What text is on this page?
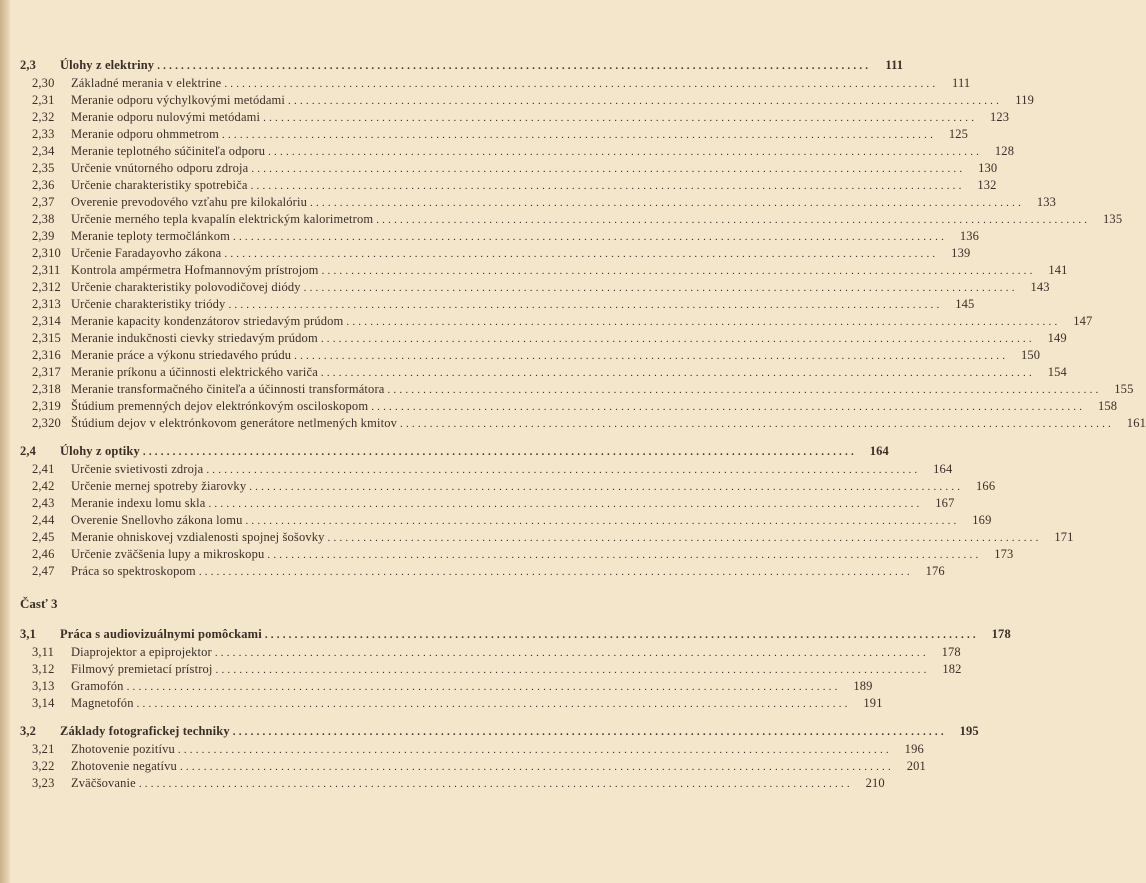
2,3	Úlohy z elektriny ........................................................................................................................	111
2,30	Základné merania v elektrine ........................................................................................................................	111
2,31	Meranie odporu výchylkovými metódami ........................................................................................................................	119
2,32	Meranie odporu nulovými metódami ........................................................................................................................	123
2,33	Meranie odporu ohmmetrom ........................................................................................................................	125
2,34	Meranie teplotného súčiniteľa odporu ........................................................................................................................	128
2,35	Určenie vnútorného odporu zdroja ........................................................................................................................	130
2,36	Určenie charakteristiky spotrebiča ........................................................................................................................	132
2,37	Overenie prevodového vzťahu pre kilokalóriu ........................................................................................................................	133
2,38	Určenie merného tepla kvapalín elektrickým kalorimetrom ........................................................................................................................	135
2,39	Meranie teploty termočlánkom ........................................................................................................................	136
2,310 Určenie Faradayovho zákona ........................................................................................................................	139
2,311 Kontrola ampérmetra Hofmannovým prístrojom ........................................................................................................................	141
2,312 Určenie charakteristiky polovodičovej diódy ........................................................................................................................	143
2,313 Určenie charakteristiky triódy ........................................................................................................................	145
2,314 Meranie kapacity kondenzátorov striedavým prúdom ........................................................................................................................	147
2,315 Meranie indukčnosti cievky striedavým prúdom ........................................................................................................................	149
2,316 Meranie práce a výkonu striedavého prúdu ........................................................................................................................	150
2,317 Meranie príkonu a účinnosti elektrického variča ........................................................................................................................	154
2,318 Meranie transformačného činiteľa a účinnosti transformátora ........................................................................................................................	155
2,319 Štúdium premenných dejov elektrónkovým osciloskopom ........................................................................................................................	158
2,320 Štúdium dejov v elektrónkovom generátore netlmených kmitov ........................................................................................................................	161
2,4	Úlohy z optiky ........................................................................................................................	164
2,41	Určenie svietivosti zdroja ........................................................................................................................	164
2,42	Určenie mernej spotreby žiarovky ........................................................................................................................	166
2,43	Meranie indexu lomu skla ........................................................................................................................	167
2,44	Overenie Snellovho zákona lomu ........................................................................................................................	169
2,45	Meranie ohniskovej vzdialenosti spojnej šošovky ........................................................................................................................	171
2,46	Určenie zväčšenia lupy a mikroskopu ........................................................................................................................	173
2,47	Práca so spektroskopom ........................................................................................................................	176
Časť 3
3,1	Práca s audiovizuálnymi pomôckami ........................................................................................................................	178
3,11	Diaprojektor a epiprojektor ........................................................................................................................	178
3,12	Filmový premietací prístroj ........................................................................................................................	182
3,13	Gramofón ........................................................................................................................	189
3,14	Magnetofón ........................................................................................................................	191
3,2	Základy fotografickej techniky ........................................................................................................................	195
3,21	Zhotovenie pozitívu ........................................................................................................................	196
3,22	Zhotovenie negatívu ........................................................................................................................	201
3,23	Zväčšovanie ........................................................................................................................	210
